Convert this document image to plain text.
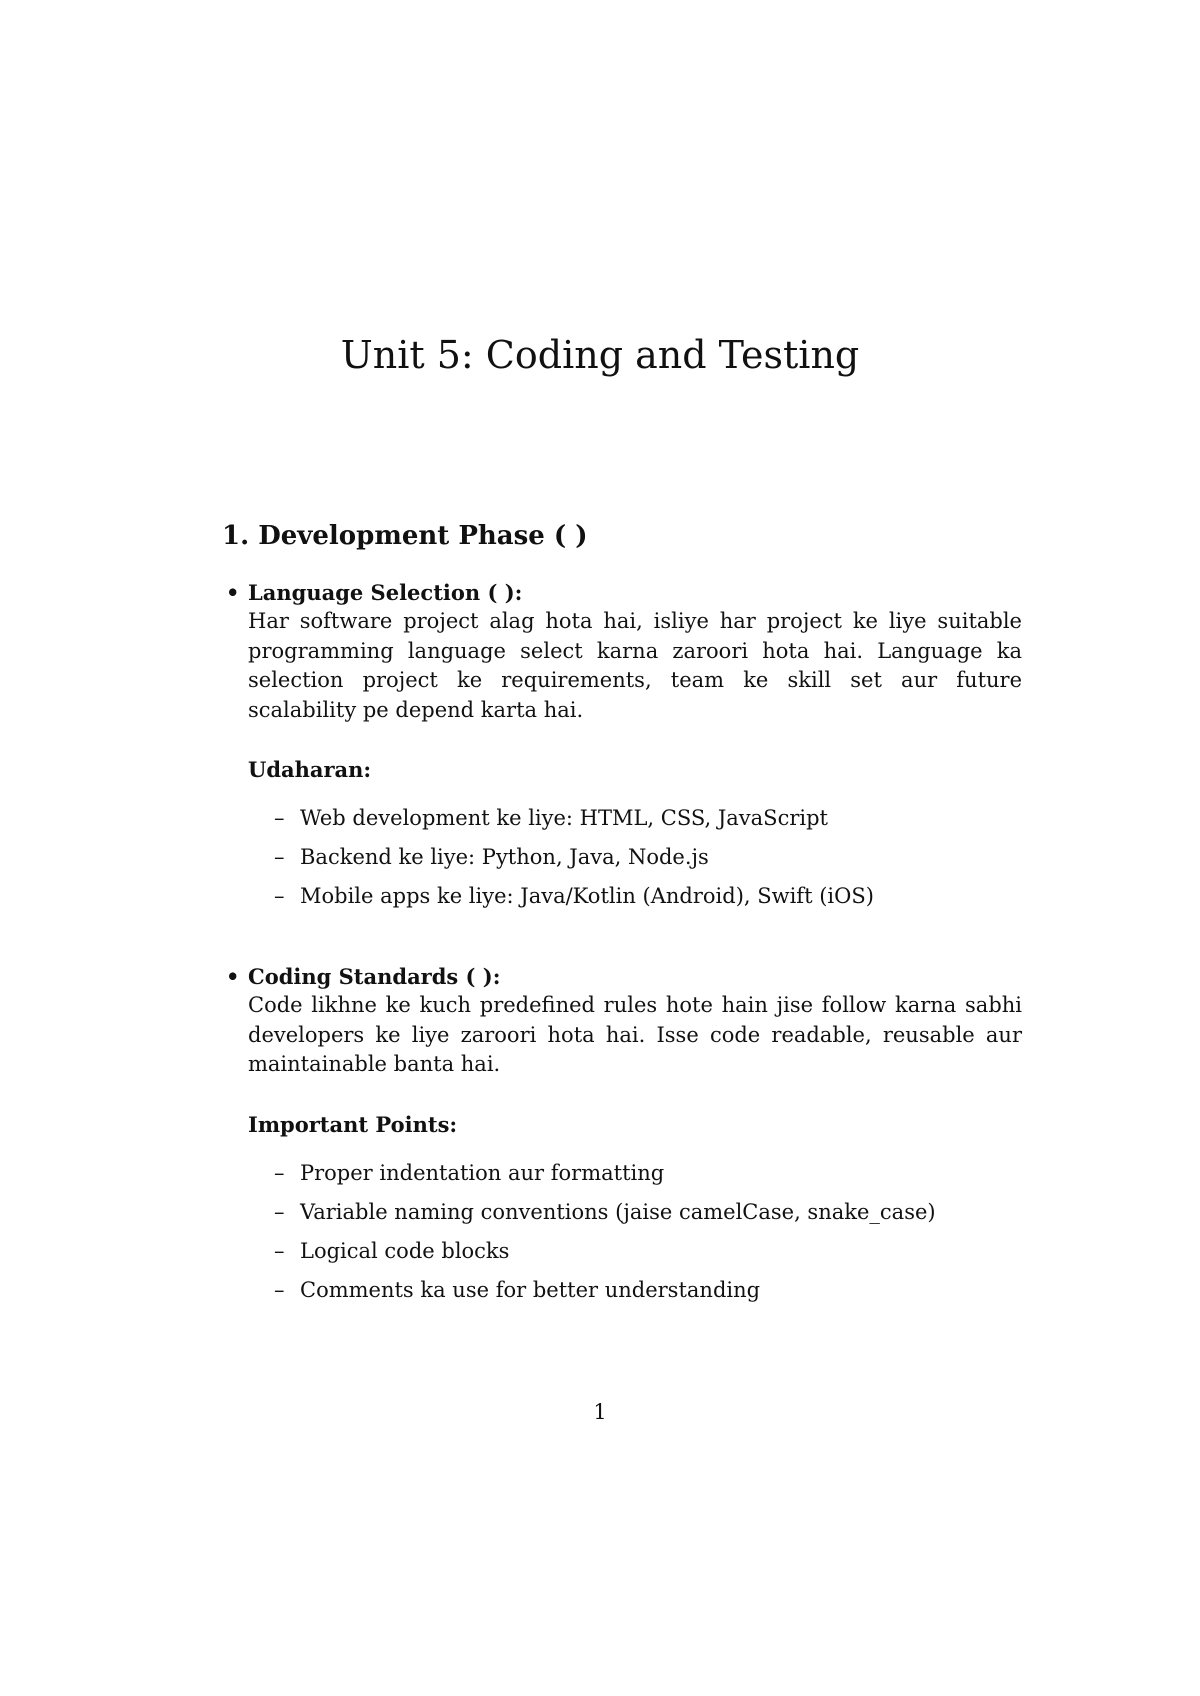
Unit 5: Coding and Testing
1. Development Phase ( )
• Language Selection ( ):

Har software project alag hota hai, isliye har project ke liye suitable programming language select karna zaroori hota hai. Language ka selection project ke requirements, team ke skill set aur future scalability pe depend karta hai.

Udaharan:
– Web development ke liye: HTML, CSS, JavaScript
– Backend ke liye: Python, Java, Node.js
– Mobile apps ke liye: Java/Kotlin (Android), Swift (iOS)
• Coding Standards ( ):

Code likhne ke kuch predefined rules hote hain jise follow karna sabhi developers ke liye zaroori hota hai. Isse code readable, reusable aur maintainable banta hai.

Important Points:
– Proper indentation aur formatting
– Variable naming conventions (jaise camelCase, snake_case)
– Logical code blocks
– Comments ka use for better understanding
1
